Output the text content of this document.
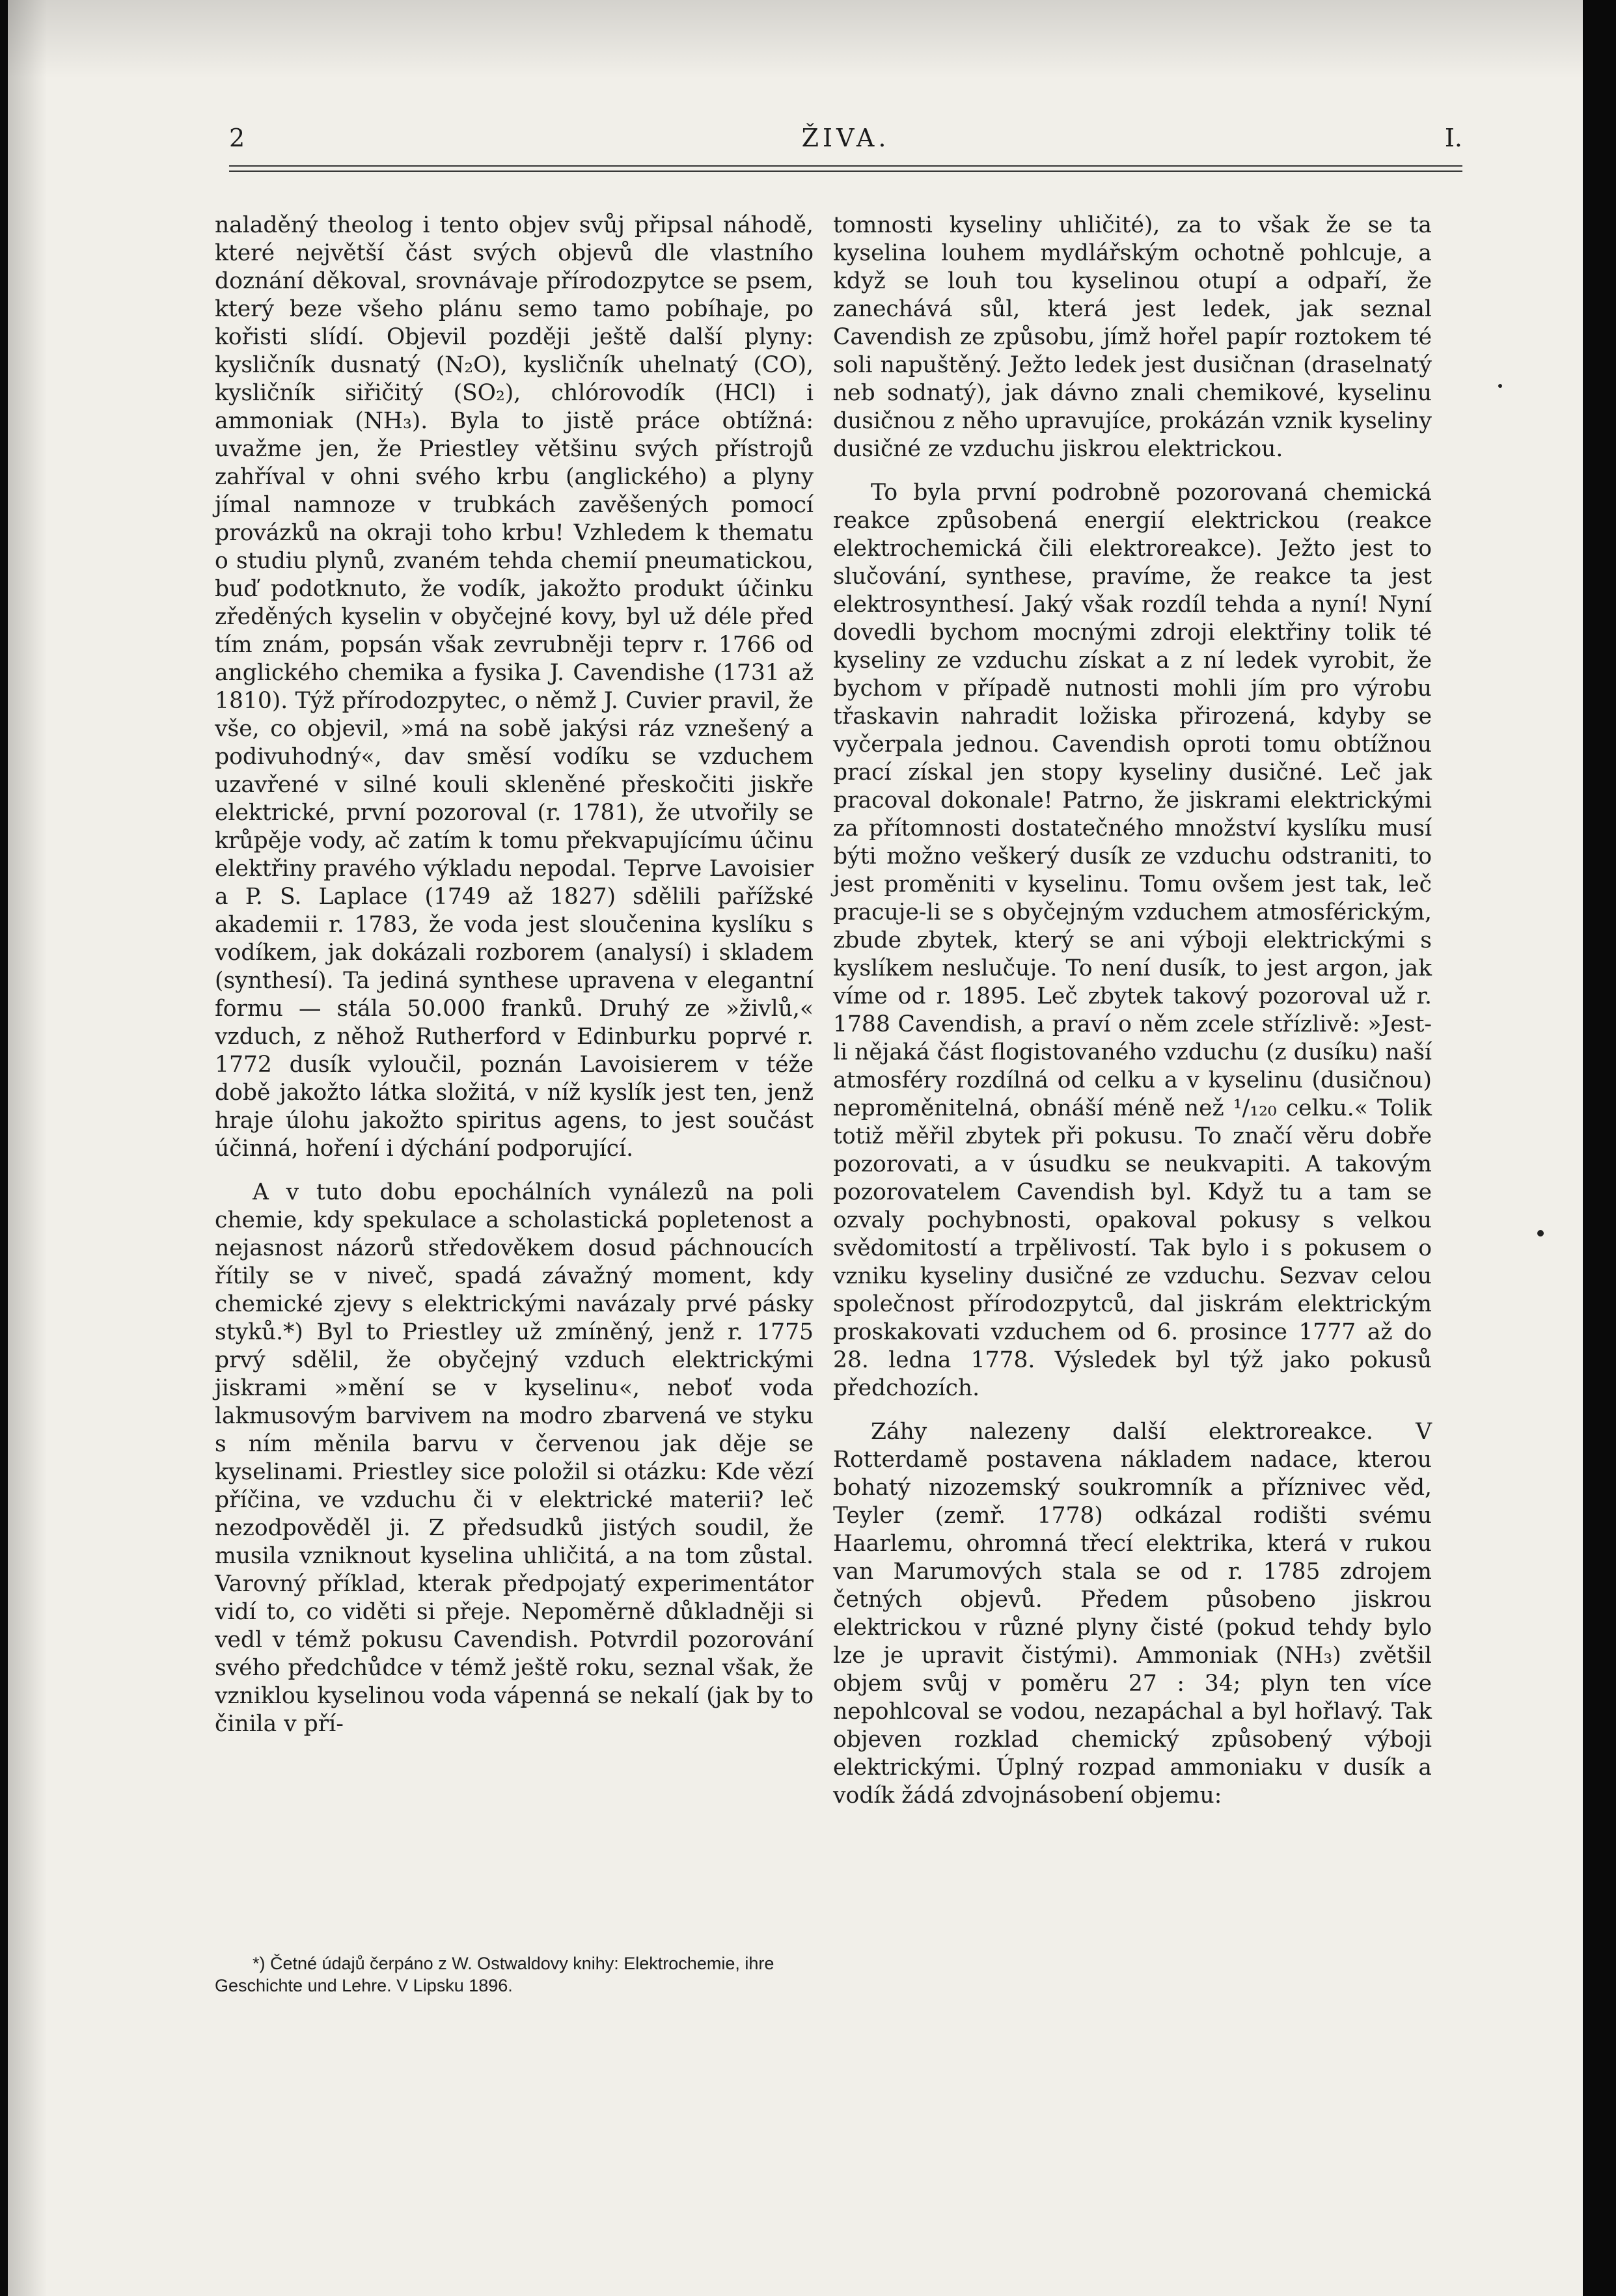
2	ŽIVA.	I.

naladěný theolog i tento objev svůj připsal náhodě, které největší část svých objevů dle vlastního doznání děkoval, srovnávaje přírodozpytce se psem, který beze všeho plánu semo tamo pobíhaje, po kořisti slídí. Objevil později ještě další plyny: kysličník dusnatý (N₂O), kysličník uhelnatý (CO), kysličník siřičitý (SO₂), chlórovodík (HCl) i ammoniak (NH₃). Byla to jistě práce obtížná: uvažme jen, že Priestley většinu svých přístrojů zahříval v ohni svého krbu (anglického) a plyny jímal namnoze v trubkách zavěšených pomocí provázků na okraji toho krbu! Vzhledem k thematu o studiu plynů, zvaném tehda chemií pneumatickou, buď podotknuto, že vodík, jakožto produkt účinku zředěných kyselin v obyčejné kovy, byl už déle před tím znám, popsán však zevrubněji teprv r. 1766 od anglického chemika a fysika J. Cavendishe (1731 až 1810). Týž přírodozpytec, o němž J. Cuvier pravil, že vše, co objevil, »má na sobě jakýsi ráz vznešený a podivuhodný«, dav směsí vodíku se vzduchem uzavřené v silné kouli skleněné přeskočiti jiskře elektrické, první pozoroval (r. 1781), že utvořily se krůpěje vody, ač zatím k tomu překvapujícímu účinu elektřiny pravého výkladu nepodal. Teprve Lavoisier a P. S. Laplace (1749 až 1827) sdělili pařížské akademii r. 1783, že voda jest sloučenina kyslíku s vodíkem, jak dokázali rozborem (analysí) i skladem (synthesí). Ta jediná synthese upravena v elegantní formu — stála 50.000 franků. Druhý ze »živlů,« vzduch, z něhož Rutherford v Edinburku poprvé r. 1772 dusík vyloučil, poznán Lavoisierem v téže době jakožto látka složitá, v níž kyslík jest ten, jenž hraje úlohu jakožto spiritus agens, to jest součást účinná, hoření i dýchání podporující.

A v tuto dobu epochálních vynálezů na poli chemie, kdy spekulace a scholastická popletenost a nejasnost názorů středověkem dosud páchnoucích řítily se v niveč, spadá závažný moment, kdy chemické zjevy s elektrickými navázaly prvé pásky styků.*) Byl to Priestley už zmíněný, jenž r. 1775 prvý sdělil, že obyčejný vzduch elektrickými jiskrami »mění se v kyselinu«, neboť voda lakmusovým barvivem na modro zbarvená ve styku s ním měnila barvu v červenou jak děje se kyselinami. Priestley sice položil si otázku: Kde vězí příčina, ve vzduchu či v elektrické materii? leč nezodpověděl ji. Z předsudků jistých soudil, že musila vzniknout kyselina uhličitá, a na tom zůstal. Varovný příklad, kterak předpojatý experimentátor vidí to, co viděti si přeje. Nepoměrně důkladněji si vedl v témž pokusu Cavendish. Potvrdil pozorování svého předchůdce v témž ještě roku, seznal však, že vzniklou kyselinou voda vápenná se nekalí (jak by to činila v pří-

tomnosti kyseliny uhličité), za to však že se ta kyselina louhem mydlářským ochotně pohlcuje, a když se louh tou kyselinou otupí a odpaří, že zanechává sůl, která jest ledek, jak seznal Cavendish ze způsobu, jímž hořel papír roztokem té soli napuštěný. Ježto ledek jest dusičnan (draselnatý neb sodnatý), jak dávno znali chemikové, kyselinu dusičnou z něho upravujíce, prokázán vznik kyseliny dusičné ze vzduchu jiskrou elektrickou.

To byla první podrobně pozorovaná chemická reakce způsobená energií elektrickou (reakce elektrochemická čili elektroreakce). Ježto jest to slučování, synthese, pravíme, že reakce ta jest elektrosynthesí. Jaký však rozdíl tehda a nyní! Nyní dovedli bychom mocnými zdroji elektřiny tolik té kyseliny ze vzduchu získat a z ní ledek vyrobit, že bychom v případě nutnosti mohli jím pro výrobu třaskavin nahradit ložiska přirozená, kdyby se vyčerpala jednou. Cavendish oproti tomu obtížnou prací získal jen stopy kyseliny dusičné. Leč jak pracoval dokonale! Patrno, že jiskrami elektrickými za přítomnosti dostatečného množství kyslíku musí býti možno veškerý dusík ze vzduchu odstraniti, to jest proměniti v kyselinu. Tomu ovšem jest tak, leč pracuje-li se s obyčejným vzduchem atmosférickým, zbude zbytek, který se ani výboji elektrickými s kyslíkem neslučuje. To není dusík, to jest argon, jak víme od r. 1895. Leč zbytek takový pozoroval už r. 1788 Cavendish, a praví o něm zcele střízlivě: »Jest-li nějaká část flogistovaného vzduchu (z dusíku) naší atmosféry rozdílná od celku a v kyselinu (dusičnou) neproměnitelná, obnáší méně než ¹/₁₂₀ celku.« Tolik totiž měřil zbytek při pokusu. To značí věru dobře pozorovati, a v úsudku se neukvapiti. A takovým pozorovatelem Cavendish byl. Když tu a tam se ozvaly pochybnosti, opakoval pokusy s velkou svědomitostí a trpělivostí. Tak bylo i s pokusem o vzniku kyseliny dusičné ze vzduchu. Sezvav celou společnost přírodozpytců, dal jiskrám elektrickým proskakovati vzduchem od 6. prosince 1777 až do 28. ledna 1778. Výsledek byl týž jako pokusů předchozích.

Záhy nalezeny další elektroreakce. V Rotterdamě postavena nákladem nadace, kterou bohatý nizozemský soukromník a příznivec věd, Teyler (zemř. 1778) odkázal rodišti svému Haarlemu, ohromná třecí elektrika, která v rukou van Marumových stala se od r. 1785 zdrojem četných objevů. Předem působeno jiskrou elektrickou v různé plyny čisté (pokud tehdy bylo lze je upravit čistými). Ammoniak (NH₃) zvětšil objem svůj v poměru 27 : 34; plyn ten více nepohlcoval se vodou, nezapáchal a byl hořlavý. Tak objeven rozklad chemický způsobený výboji elektrickými. Úplný rozpad ammoniaku v dusík a vodík žádá zdvojnásobení objemu:

*) Četné údajů čerpáno z W. Ostwaldovy knihy: Elektrochemie, ihre Geschichte und Lehre. V Lipsku 1896.
